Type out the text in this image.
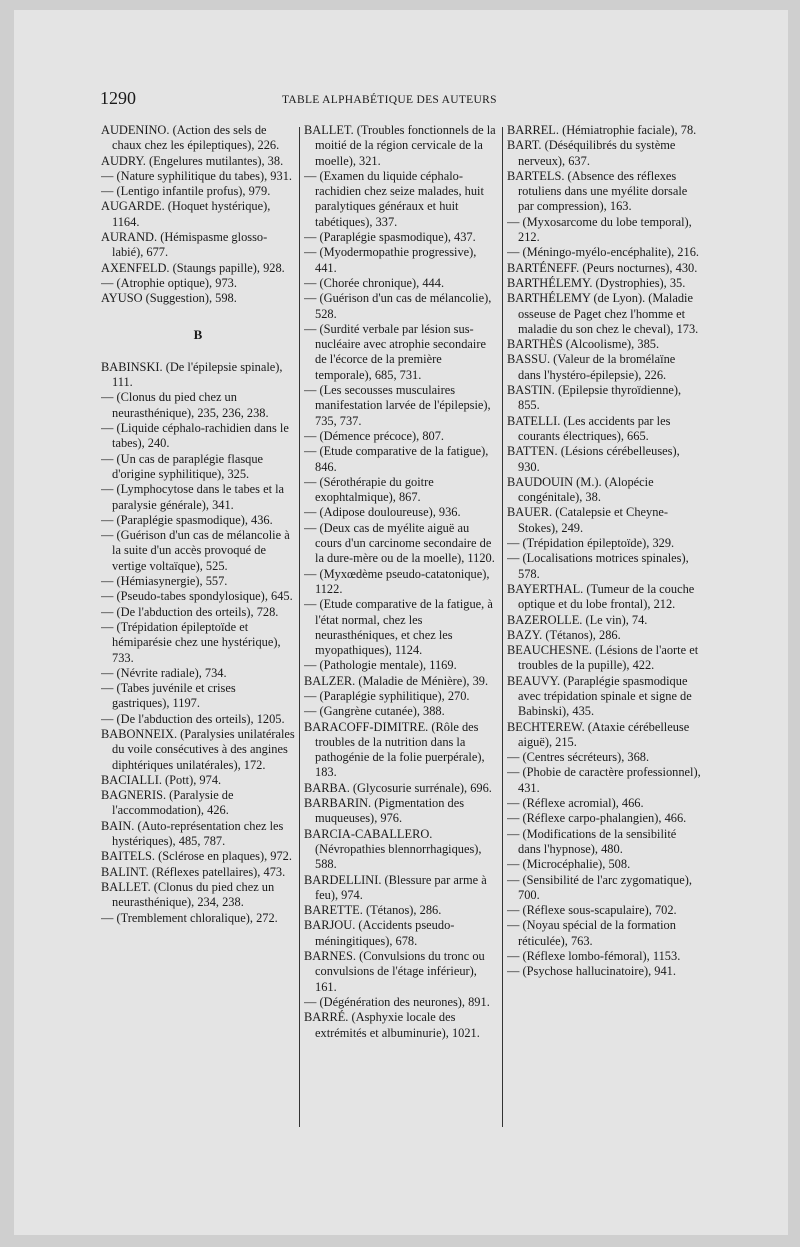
1290	TABLE ALPHABÉTIQUE DES AUTEURS

AUDENINO. (Action des sels de chaux chez les épileptiques), 226.

AUDRY. (Engelures mutilantes), 38.

— (Nature syphilitique du tabes), 931.

— (Lentigo infantile profus), 979.

AUGARDE. (Hoquet hystérique), 1164.

AURAND. (Hémispasme glosso-labié), 677.

AXENFELD. (Staungs papille), 928.

— (Atrophie optique), 973.

AYUSO (Suggestion), 598.

B

BABINSKI. (De l'épilepsie spinale), 111.

— (Clonus du pied chez un neurasthénique), 235, 236, 238.

— (Liquide céphalo-rachidien dans le tabes), 240.

— (Un cas de paraplégie flasque d'origine syphilitique), 325.

— (Lymphocytose dans le tabes et la paralysie générale), 341.

— (Paraplégie spasmodique), 436.

— (Guérison d'un cas de mélancolie à la suite d'un accès provoqué de vertige voltaïque), 525.

— (Hémiasynergie), 557.

— (Pseudo-tabes spondylosique), 645.

— (De l'abduction des orteils), 728.

— (Trépidation épileptoïde et hémiparésie chez une hystérique), 733.

— (Névrite radiale), 734.

— (Tabes juvénile et crises gastriques), 1197.

— (De l'abduction des orteils), 1205.

BABONNEIX. (Paralysies unilatérales du voile consécutives à des angines diphtériques unilatérales), 172.

BACIALLI. (Pott), 974.

BAGNERIS. (Paralysie de l'accommodation), 426.

BAIN. (Auto-représentation chez les hystériques), 485, 787.

BAITELS. (Sclérose en plaques), 972.

BALINT. (Réflexes patellaires), 473.

BALLET. (Clonus du pied chez un neurasthénique), 234, 238.

— (Tremblement chloralique), 272.

BALLET. (Troubles fonctionnels de la moitié de la région cervicale de la moelle), 321.

— (Examen du liquide céphalo-rachidien chez seize malades, huit paralytiques généraux et huit tabétiques), 337.

— (Paraplégie spasmodique), 437.

— (Myodermopathie progressive), 441.

— (Chorée chronique), 444.

— (Guérison d'un cas de mélancolie), 528.

— (Surdité verbale par lésion sus-nucléaire avec atrophie secondaire de l'écorce de la première temporale), 685, 731.

— (Les secousses musculaires manifestation larvée de l'épilepsie), 735, 737.

— (Démence précoce), 807.

— (Etude comparative de la fatigue), 846.

— (Sérothérapie du goitre exophtalmique), 867.

— (Adipose douloureuse), 936.

— (Deux cas de myélite aiguë au cours d'un carcinome secondaire de la dure-mère ou de la moelle), 1120.

— (Myxœdème pseudo-catatonique), 1122.

— (Etude comparative de la fatigue, à l'état normal, chez les neurasthéniques, et chez les myopathiques), 1124.

— (Pathologie mentale), 1169.

BALZER. (Maladie de Ménière), 39.

— (Paraplégie syphilitique), 270.

— (Gangrène cutanée), 388.

BARACOFF-DIMITRE. (Rôle des troubles de la nutrition dans la pathogénie de la folie puerpérale), 183.

BARBA. (Glycosurie surrénale), 696.

BARBARIN. (Pigmentation des muqueuses), 976.

BARCIA-CABALLERO. (Névropathies blennorrhagiques), 588.

BARDELLINI. (Blessure par arme à feu), 974.

BARETTE. (Tétanos), 286.

BARJOU. (Accidents pseudo-méningitiques), 678.

BARNES. (Convulsions du tronc ou convulsions de l'étage inférieur), 161.

— (Dégénération des neurones), 891.

BARRÉ. (Asphyxie locale des extrémités et albuminurie), 1021.

BARREL. (Hémiatrophie faciale), 78.

BART. (Déséquilibrés du système nerveux), 637.

BARTELS. (Absence des réflexes rotuliens dans une myélite dorsale par compression), 163.

— (Myxosarcome du lobe temporal), 212.

— (Méningo-myélo-encéphalite), 216.

BARTÉNEFF. (Peurs nocturnes), 430.

BARTHÉLEMY. (Dystrophies), 35.

BARTHÉLEMY (de Lyon). (Maladie osseuse de Paget chez l'homme et maladie du son chez le cheval), 173.

BARTHÈS (Alcoolisme), 385.

BASSU. (Valeur de la bromélaïne dans l'hystéro-épilepsie), 226.

BASTIN. (Epilepsie thyroïdienne), 855.

BATELLI. (Les accidents par les courants électriques), 665.

BATTEN. (Lésions cérébelleuses), 930.

BAUDOUIN (M.). (Alopécie congénitale), 38.

BAUER. (Catalepsie et Cheyne-Stokes), 249.

— (Trépidation épileptoïde), 329.

— (Localisations motrices spinales), 578.

BAYERTHAL. (Tumeur de la couche optique et du lobe frontal), 212.

BAZEROLLE. (Le vin), 74.

BAZY. (Tétanos), 286.

BEAUCHESNE. (Lésions de l'aorte et troubles de la pupille), 422.

BEAUVY. (Paraplégie spasmodique avec trépidation spinale et signe de Babinski), 435.

BECHTEREW. (Ataxie cérébelleuse aiguë), 215.

— (Centres sécréteurs), 368.

— (Phobie de caractère professionnel), 431.

— (Réflexe acromial), 466.

— (Réflexe carpo-phalangien), 466.

— (Modifications de la sensibilité dans l'hypnose), 480.

— (Microcéphalie), 508.

— (Sensibilité de l'arc zygomatique), 700.

— (Réflexe sous-scapulaire), 702.

— (Noyau spécial de la formation réticulée), 763.

— (Réflexe lombo-fémoral), 1153.

— (Psychose hallucinatoire), 941.
